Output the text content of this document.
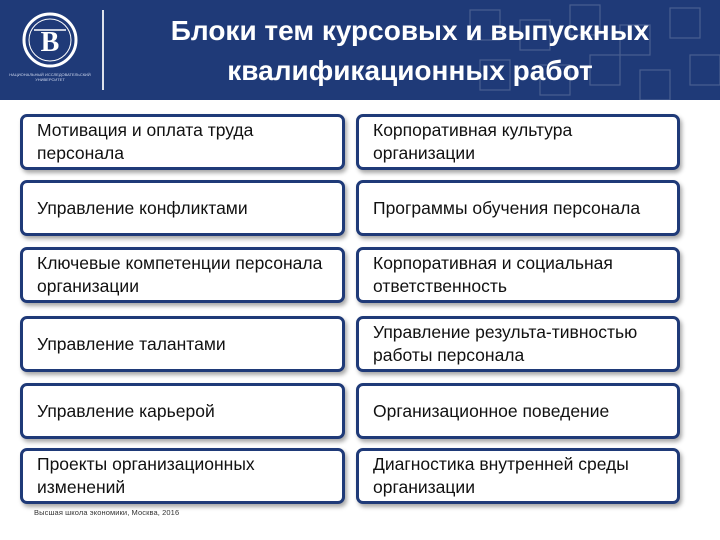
В
НАЦИОНАЛЬНЫЙ ИССЛЕДОВАТЕЛЬСКИЙ УНИВЕРСИТЕТ
Блоки тем курсовых и выпускных
квалификационных работ
Мотивация и оплата труда персонала
Управление конфликтами
Ключевые компетенции персонала организации
Управление талантами
Управление карьерой
Проекты организационных изменений
Корпоративная культура организации
Программы обучения персонала
Корпоративная и социальная ответственность
Управление результа-тивностью работы персонала
Организационное поведение
Диагностика внутренней среды организации
Высшая школа экономики, Москва, 2016
